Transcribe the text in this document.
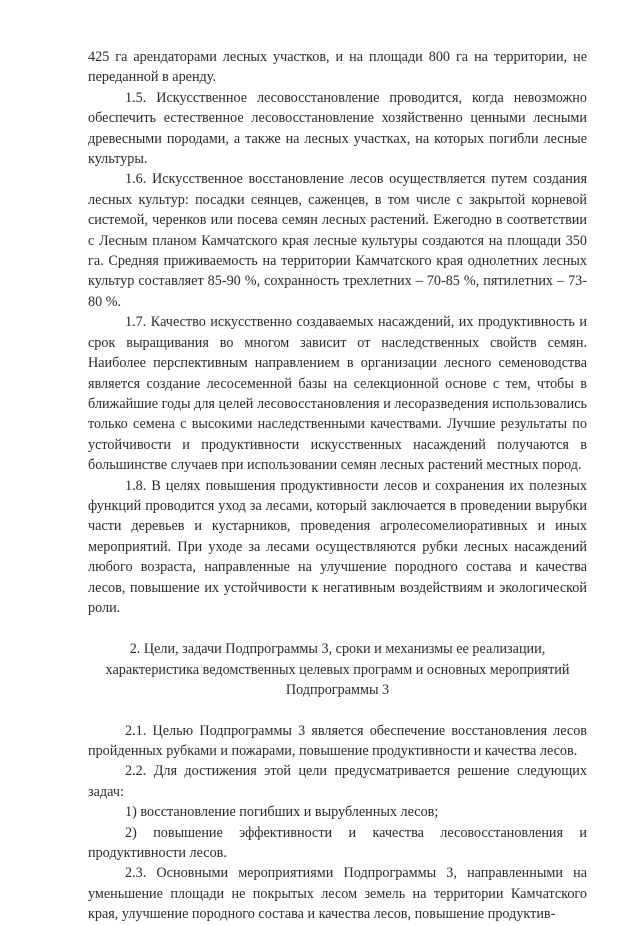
425 га арендаторами лесных участков, и на площади 800 га на территории, не переданной в аренду.

1.5. Искусственное лесовосстановление проводится, когда невозможно обеспечить естественное лесовосстановление хозяйственно ценными лесными древесными породами, а также на лесных участках, на которых погибли лесные культуры.

1.6. Искусственное восстановление лесов осуществляется путем создания лесных культур: посадки сеянцев, саженцев, в том числе с закрытой корневой системой, черенков или посева семян лесных растений. Ежегодно в соответствии с Лесным планом Камчатского края лесные культуры создаются на площади 350 га. Средняя приживаемость на территории Камчатского края однолетних лесных культур составляет 85-90 %, сохранность трехлетних – 70-85 %, пятилетних – 73-80 %.

1.7. Качество искусственно создаваемых насаждений, их продуктивность и срок выращивания во многом зависит от наследственных свойств семян. Наиболее перспективным направлением в организации лесного семеноводства является создание лесосеменной базы на селекционной основе с тем, чтобы в ближайшие годы для целей лесовосстановления и лесоразведения использовались только семена с высокими наследственными качествами. Лучшие результаты по устойчивости и продуктивности искусственных насаждений получаются в большинстве случаев при использовании семян лесных растений местных пород.

1.8. В целях повышения продуктивности лесов и сохранения их полезных функций проводится уход за лесами, который заключается в проведении вырубки части деревьев и кустарников, проведения агролесомелиоративных и иных мероприятий. При уходе за лесами осуществляются рубки лесных насаждений любого возраста, направленные на улучшение породного состава и качества лесов, повышение их устойчивости к негативным воздействиям и экологической роли.

2. Цели, задачи Подпрограммы 3, сроки и механизмы ее реализации, характеристика ведомственных целевых программ и основных мероприятий Подпрограммы 3

2.1. Целью Подпрограммы 3 является обеспечение восстановления лесов пройденных рубками и пожарами, повышение продуктивности и качества лесов.

2.2. Для достижения этой цели предусматривается решение следующих задач:

1) восстановление погибших и вырубленных лесов;

2) повышение эффективности и качества лесовосстановления и продуктивности лесов.

2.3. Основными мероприятиями Подпрограммы 3, направленными на уменьшение площади не покрытых лесом земель на территории Камчатского края, улучшение породного состава и качества лесов, повышение продуктив-
